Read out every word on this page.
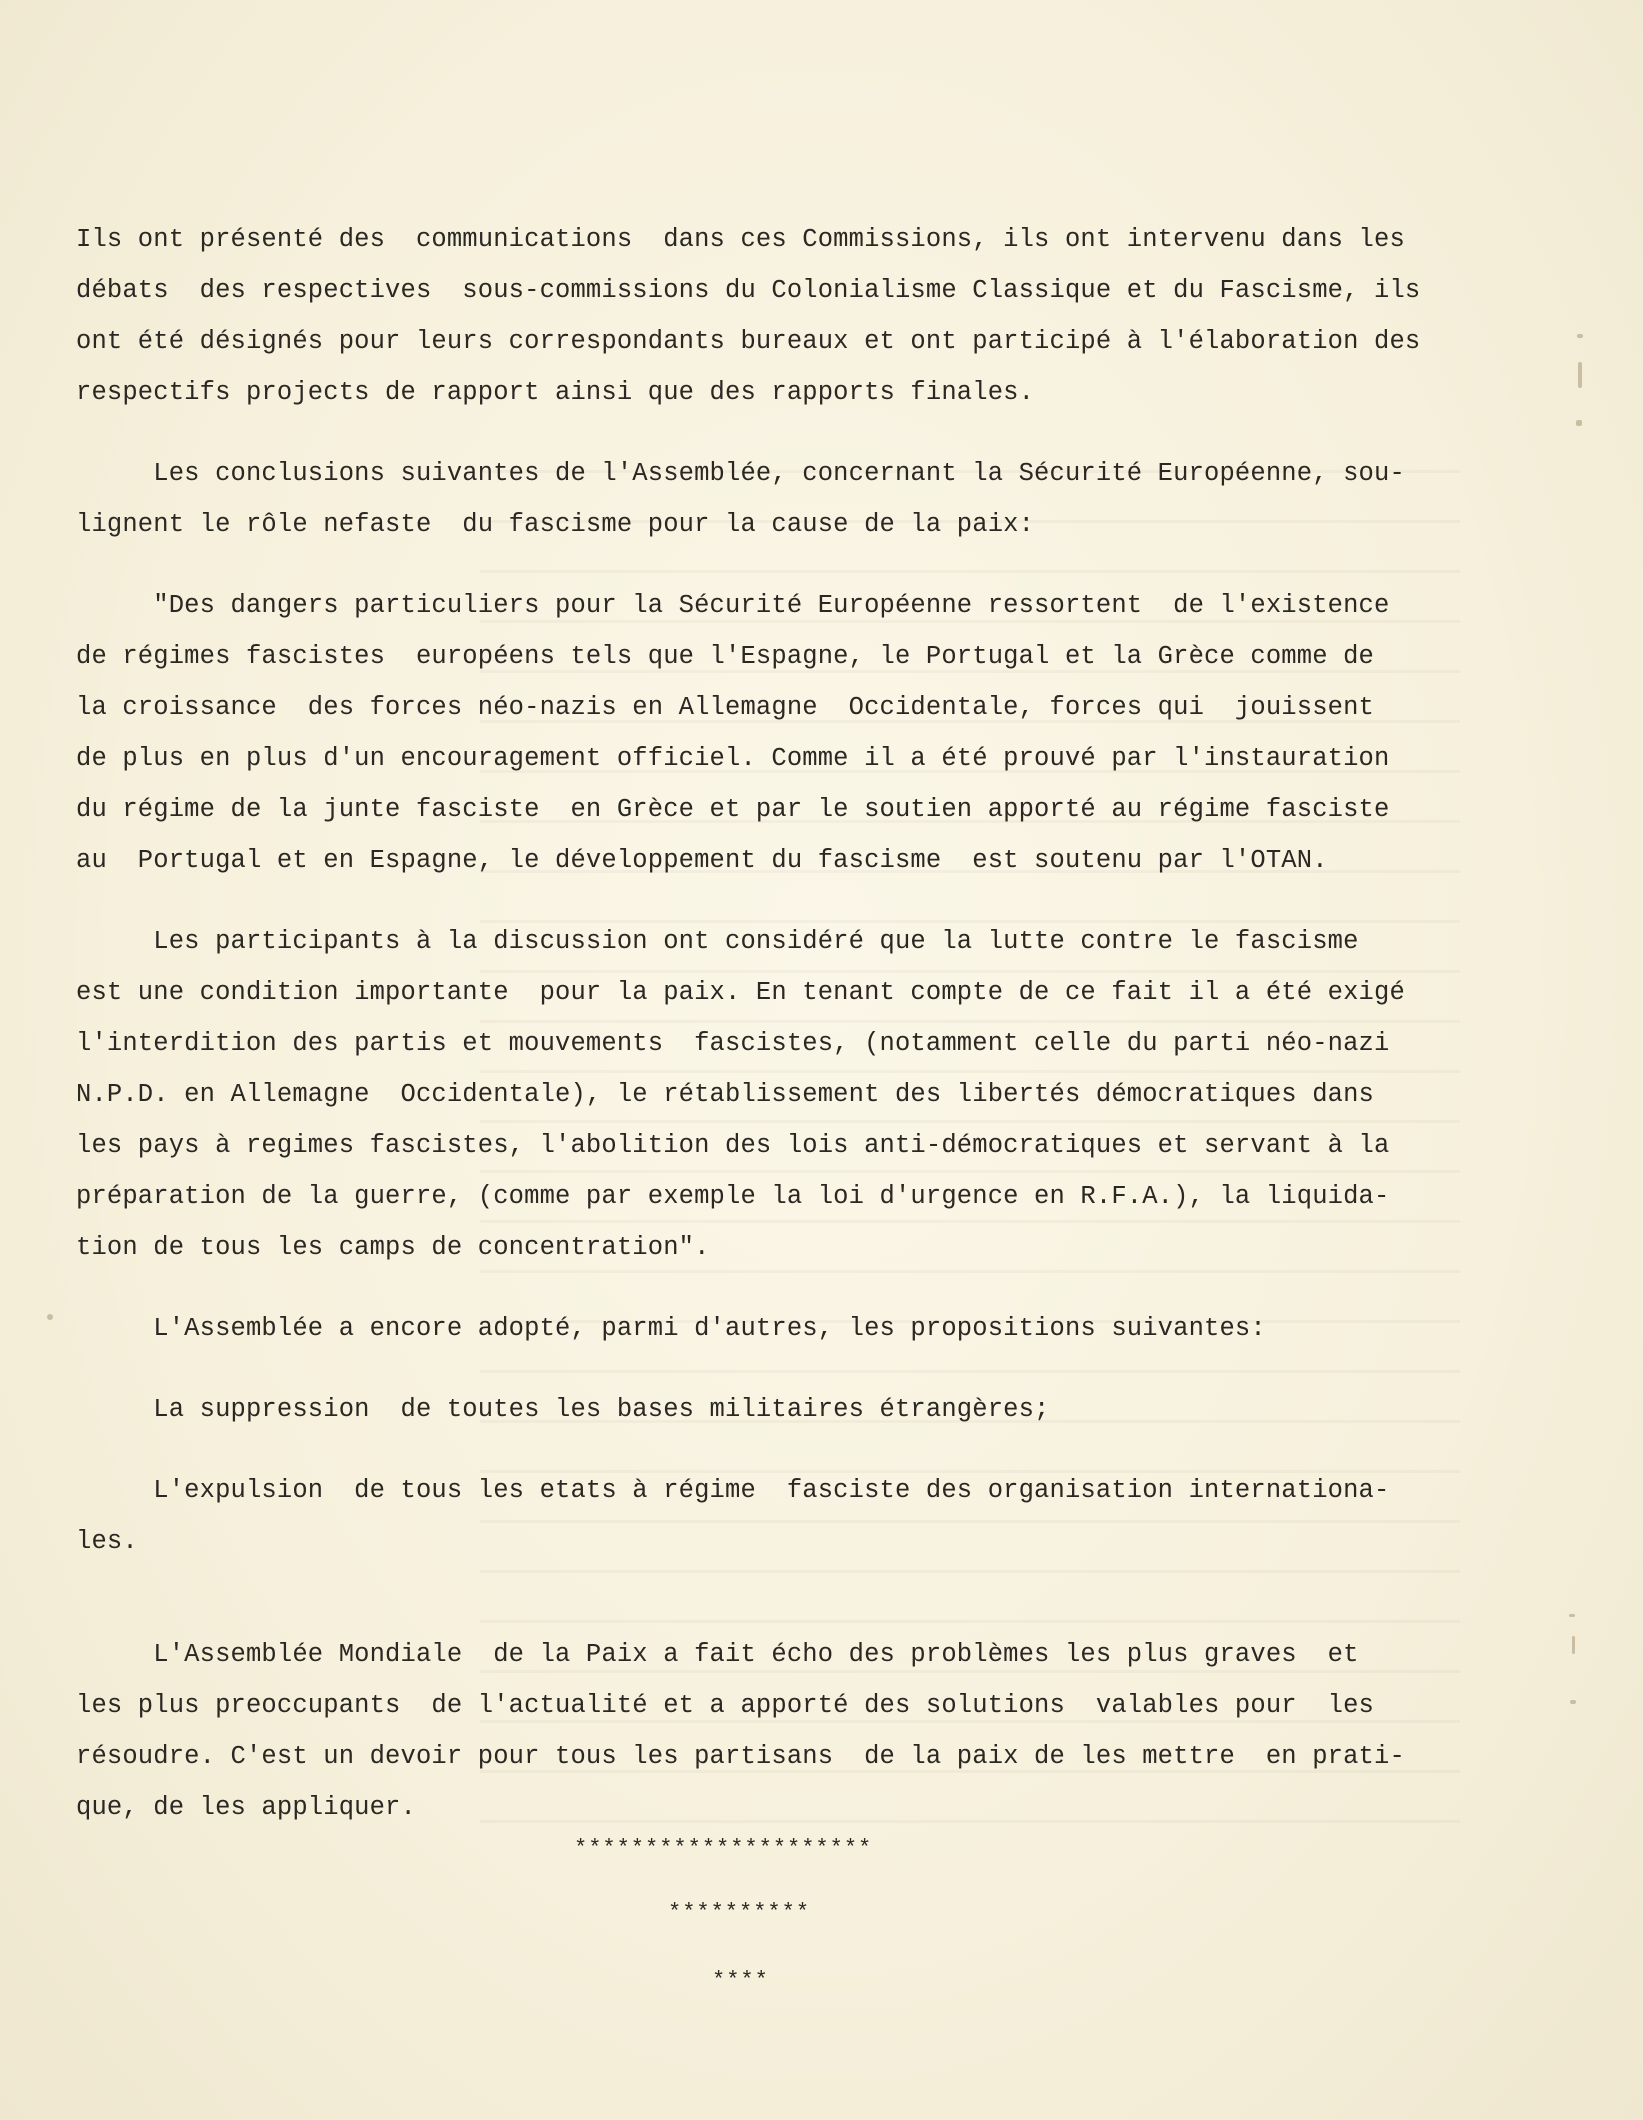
Ils ont présenté des  communications  dans ces Commissions, ils ont intervenu dans les
débats  des respectives  sous-commissions du Colonialisme Classique et du Fascisme, ils
ont été désignés pour leurs correspondants bureaux et ont participé à l'élaboration des
respectifs projects de rapport ainsi que des rapports finales.
Les conclusions suivantes de l'Assemblée, concernant la Sécurité Européenne, sou-
lignent le rôle nefaste  du fascisme pour la cause de la paix:
"Des dangers particuliers pour la Sécurité Européenne ressortent  de l'existence
de régimes fascistes  européens tels que l'Espagne, le Portugal et la Grèce comme de
la croissance  des forces néo-nazis en Allemagne  Occidentale, forces qui  jouissent
de plus en plus d'un encouragement officiel. Comme il a été prouvé par l'instauration
du régime de la junte fasciste  en Grèce et par le soutien apporté au régime fasciste
au  Portugal et en Espagne, le développement du fascisme  est soutenu par l'OTAN.
Les participants à la discussion ont considéré que la lutte contre le fascisme
est une condition importante  pour la paix. En tenant compte de ce fait il a été exigé
l'interdition des partis et mouvements  fascistes, (notamment celle du parti néo-nazi
N.P.D. en Allemagne  Occidentale), le rétablissement des libertés démocratiques dans
les pays à regimes fascistes, l'abolition des lois anti-démocratiques et servant à la
préparation de la guerre, (comme par exemple la loi d'urgence en R.F.A.), la liquida-
tion de tous les camps de concentration".
L'Assemblée a encore adopté, parmi d'autres, les propositions suivantes:
La suppression  de toutes les bases militaires étrangères;
L'expulsion  de tous les etats à régime  fasciste des organisation internationa-
les.
L'Assemblée Mondiale  de la Paix a fait écho des problèmes les plus graves  et
les plus preoccupants  de l'actualité et a apporté des solutions  valables pour  les
résoudre. C'est un devoir pour tous les partisans  de la paix de les mettre  en prati-
que, de les appliquer.
*********************
**********
****
